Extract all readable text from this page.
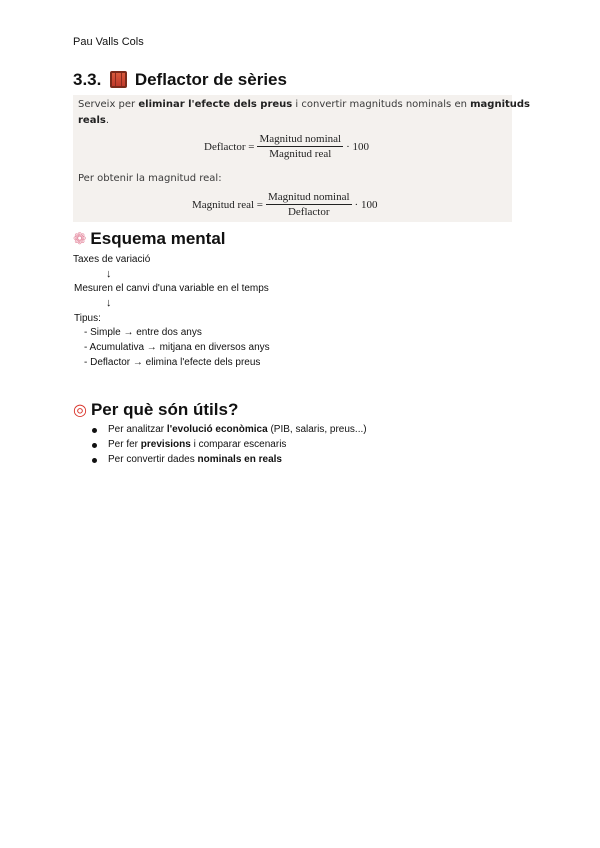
Pau Valls Cols
3.3. Deflactor de sèries
Serveix per eliminar l'efecte dels preus i convertir magnituds nominals en magnituds
reals.
Deflactor = $\frac{\text{Magnitud nominal}}{\text{Magnitud real}} \cdot 100$
Per obtenir la magnitud real:
Magnitud real = $\frac{\text{Magnitud nominal}}{\text{Deflactor}} \cdot 100$
❁ Esquema mental
Taxes de variació
↓
Mesuren el canvi d'una variable en el temps
↓
Tipus:
- Simple → entre dos anys
- Acumulativa → mitjana en diversos anys
- Deflactor → elimina l'efecte dels preus
◎ Per què són útils?
Per analitzar l'evolució econòmica (PIB, salaris, preus...)
Per fer previsions i comparar escenaris
Per convertir dades nominals en reals
